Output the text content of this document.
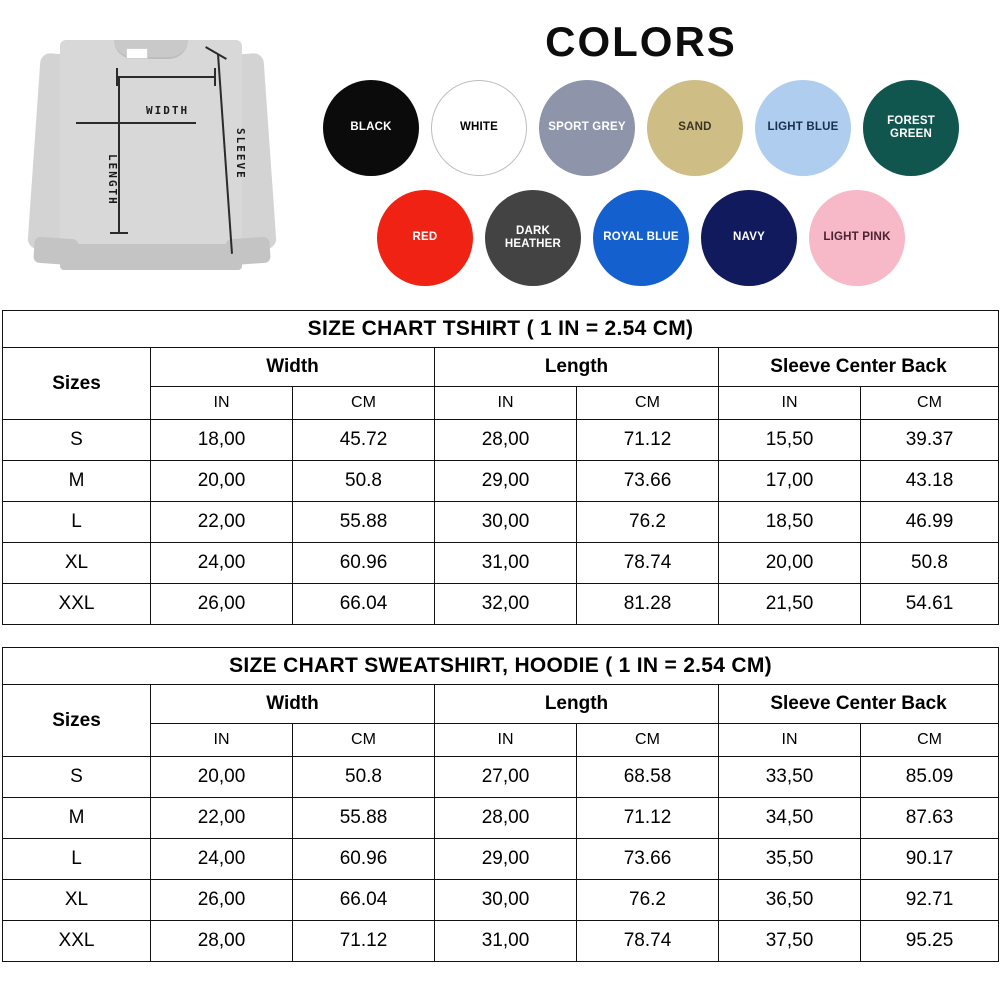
WIDTH
LENGTH
SLEEVE
COLORS
BLACK	WHITE	SPORT GREY	SAND	LIGHT BLUE
FOREST GREEN
RED
DARK HEATHER
ROYAL BLUE	NAVY	LIGHT PINK
SIZE CHART TSHIRT ( 1 IN = 2.54 CM)						
Sizes	Width		Length		Sleeve Center Back	
	IN	CM	IN	CM	IN	CM
S	18,00	45.72	28,00	71.12	15,50	39.37
M	20,00	50.8	29,00	73.66	17,00	43.18
L	22,00	55.88	30,00	76.2	18,50	46.99
XL	24,00	60.96	31,00	78.74	20,00	50.8
XXL	26,00	66.04	32,00	81.28	21,50	54.61
SIZE CHART SWEATSHIRT, HOODIE ( 1 IN = 2.54 CM)						
Sizes	Width		Length		Sleeve Center Back	
	IN	CM	IN	CM	IN	CM
S	20,00	50.8	27,00	68.58	33,50	85.09
M	22,00	55.88	28,00	71.12	34,50	87.63
L	24,00	60.96	29,00	73.66	35,50	90.17
XL	26,00	66.04	30,00	76.2	36,50	92.71
XXL	28,00	71.12	31,00	78.74	37,50	95.25
